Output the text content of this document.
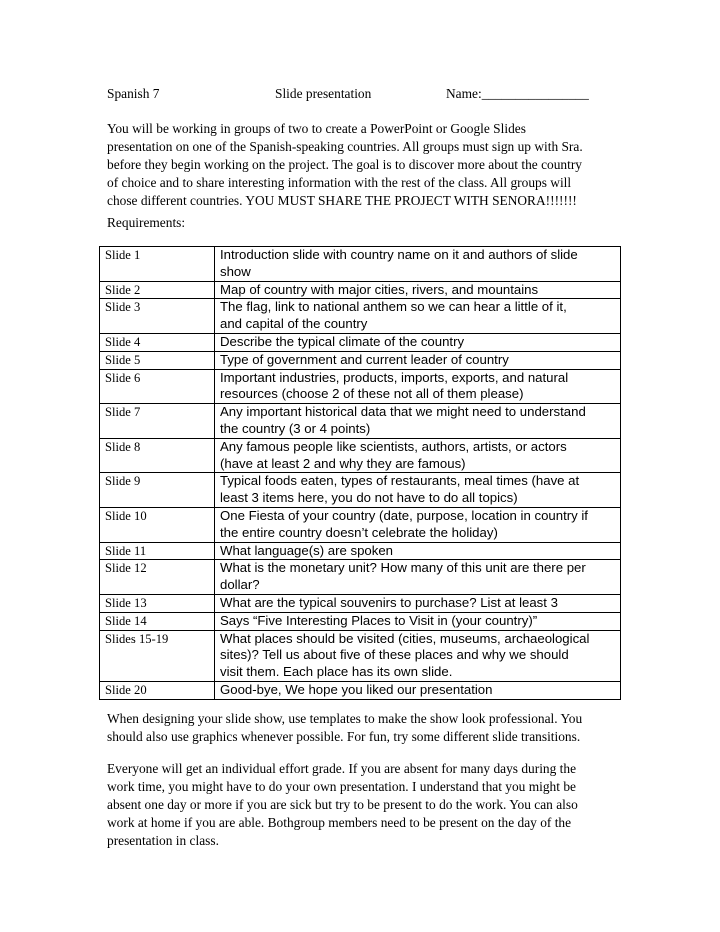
Spanish 7	Slide presentation	Name:________________

You will be working in groups of two to create a PowerPoint or Google Slides

presentation on one of the Spanish-speaking countries. All groups must sign up with Sra.

before they begin working on the project. The goal is to discover more about the country

of choice and to share interesting information with the rest of the class. All groups will

chose different countries. YOU MUST SHARE THE PROJECT WITH SENORA!!!!!!!

Requirements:
Slide 1	Introduction slide with country name on it and authors of slide
show

Slide 2	Map of country with major cities, rivers, and mountains

Slide 3	The flag, link to national anthem so we can hear a little of it,
and capital of the country

Slide 4	Describe the typical climate of the country

Slide 5	Type of government and current leader of country

Slide 6	Important industries, products, imports, exports, and natural
resources (choose 2 of these not all of them please)

Slide 7	Any important historical data that we might need to understand
the country (3 or 4 points)

Slide 8	Any famous people like scientists, authors, artists, or actors
(have at least 2 and why they are famous)

Slide 9	Typical foods eaten, types of restaurants, meal times (have at
least 3 items here, you do not have to do all topics)

Slide 10	One Fiesta of your country (date, purpose, location in country if
the entire country doesn’t celebrate the holiday)

Slide 11	What language(s) are spoken

Slide 12	What is the monetary unit? How many of this unit are there per
dollar?

Slide 13	What are the typical souvenirs to purchase? List at least 3

Slide 14	Says “Five Interesting Places to Visit in (your country)”

Slides 15-19	What places should be visited (cities, museums, archaeological
sites)? Tell us about five of these places and why we should
visit them. Each place has its own slide.

Slide 20	Good-bye, We hope you liked our presentation

When designing your slide show, use templates to make the show look professional. You

should also use graphics whenever possible. For fun, try some different slide transitions.

Everyone will get an individual effort grade. If you are absent for many days during the

work time, you might have to do your own presentation. I understand that you might be

absent one day or more if you are sick but try to be present to do the work. You can also

work at home if you are able. Bothgroup members need to be present on the day of the

presentation in class.
